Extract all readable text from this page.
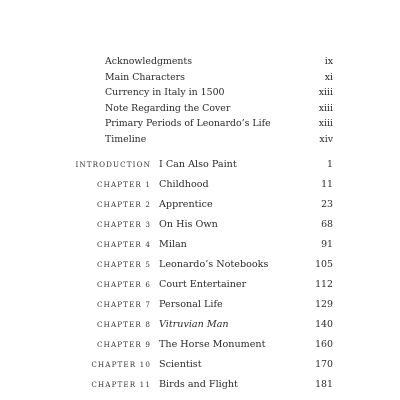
Acknowledgments	ix
Main Characters	xi
Currency in Italy in 1500	xiii
Note Regarding the Cover	xiii
Primary Periods of Leonardo’s Life	xiii
Timeline	xiv
INTRODUCTION I Can Also Paint	1
CHAPTER 1 Childhood	11
CHAPTER 2 Apprentice	23
CHAPTER 3 On His Own	68
CHAPTER 4 Milan	91
CHAPTER 5 Leonardo’s Notebooks	105
CHAPTER 6 Court Entertainer	112
CHAPTER 7 Personal Life	129
CHAPTER 8 Vitruvian Man	140
CHAPTER 9 The Horse Monument	160
CHAPTER 10 Scientist	170
CHAPTER 11 Birds and Flight	181
